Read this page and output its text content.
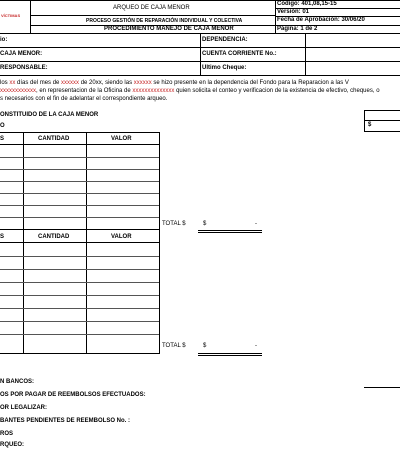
VÍCTIMAS
ARQUEO DE CAJA MENOR
PROCESO GESTIÓN DE REPARACIÓN INDIVIDUAL Y COLECTIVA
PROCEDIMIENTO MANEJO DE CAJA MENOR
Código: 401,08,15-15
Versión: 01
Fecha de Aprobación: 30/06/20
Página: 1 de 2
io:	DEPENDENCIA:
CAJA MENOR:	CUENTA CORRIENTE No.:
RESPONSABLE:	Ultimo Cheque:
los xx días del mes de xxxxxx de 20xx, siendo las xxxxxx se hizo presente en la dependencia del Fondo para la Reparacion a las V
xxxxxxxxxxxx, en representacion de la Oficina de xxxxxxxxxxxxxx quien solicita el conteo y verificacion de la existencia de efectivo, cheques, o
s necesarios con el fin de adelantar el correspondiente arqueo.
ONSTITUIDO DE LA CAJA MENOR
O	$
S	CANTIDAD	VALOR
TOTAL $	$	-
S	CANTIDAD	VALOR
TOTAL $	$	-
N BANCOS:
OS POR PAGAR DE REEMBOLSOS EFECTUADOS:
OR LEGALIZAR:
BANTES PENDIENTES DE REEMBOLSO No. :
ROS
RQUEO:
